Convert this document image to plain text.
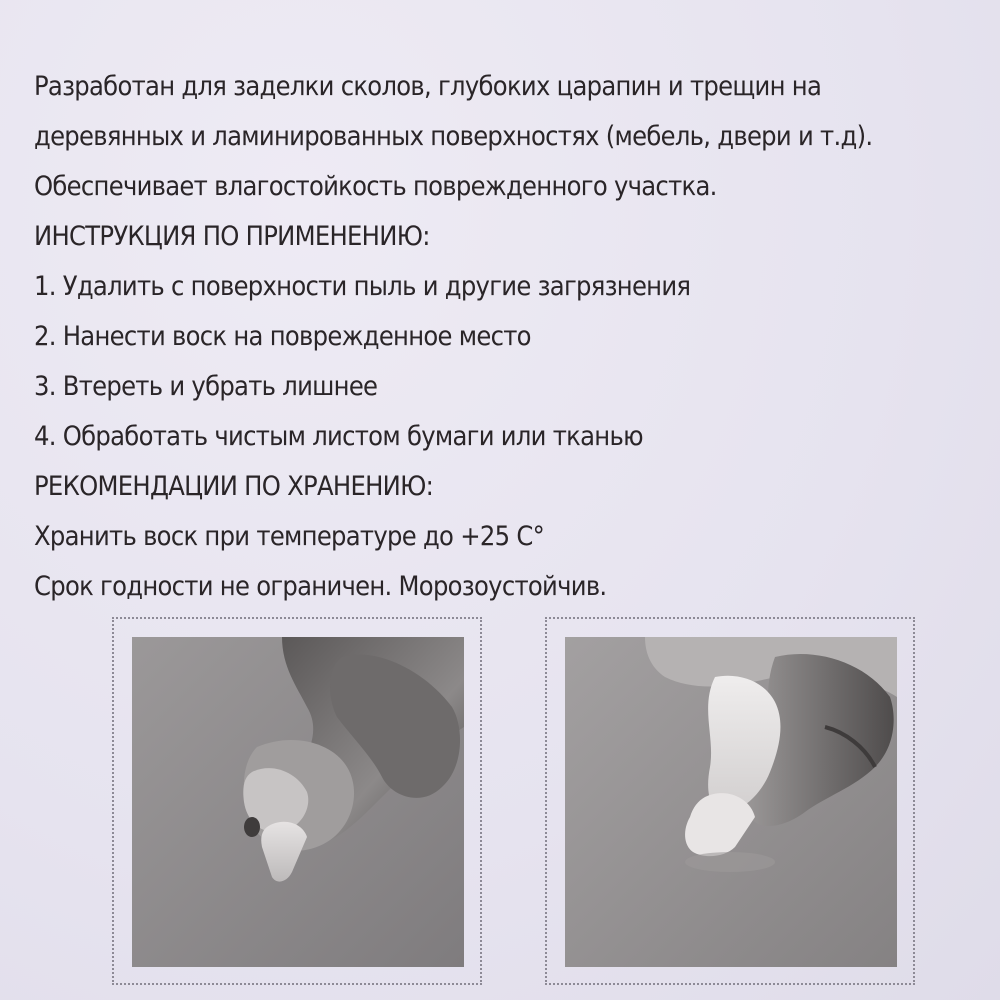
Разработан для заделки сколов, глубоких царапин и трещин на

деревянных и ламинированных поверхностях (мебель, двери и т.д).

Обеспечивает влагостойкость поврежденного участка.

ИНСТРУКЦИЯ ПО ПРИМЕНЕНИЮ:

1. Удалить с поверхности пыль и другие загрязнения

2. Нанести воск на поврежденное место

3. Втереть и убрать лишнее

4. Обработать чистым листом бумаги или тканью

РЕКОМЕНДАЦИИ ПО ХРАНЕНИЮ:

Хранить воск при температуре до +25 С°

Срок годности не ограничен. Морозоустойчив.
